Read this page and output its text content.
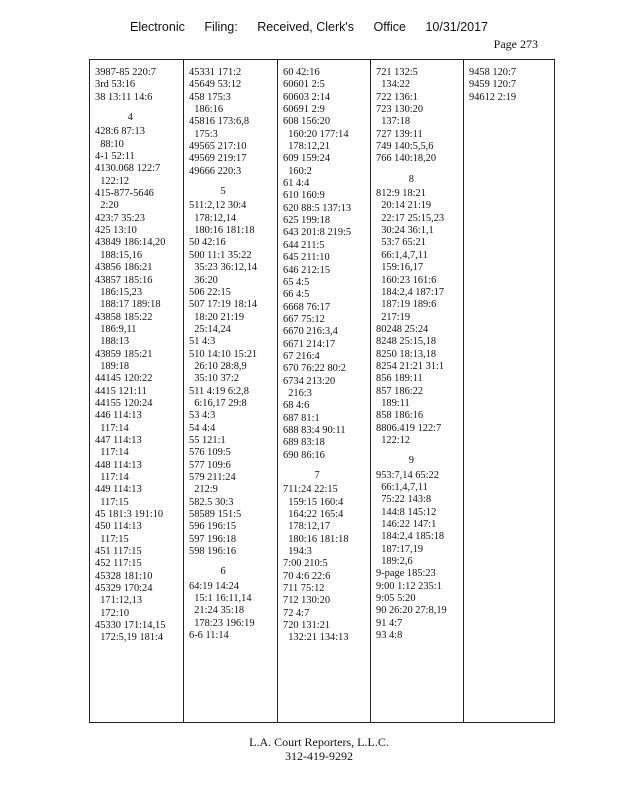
Electronic Filing: Received, Clerk's Office 10/31/2017
Page 273
3987-85 220:7
3rd 53:16
38 13:11 14:6
4
428:6 87:13
88:10
4-1 52:11
4130.068 122:7
122:12
415-877-5646
2:20
423:7 35:23
425 13:10
43849 186:14,20
188:15,16
43856 186:21
43857 185:16
186:15,23
188:17 189:18
43858 185:22
186:9,11
188:13
43859 185:21
189:18
44145 120:22
4415 121:11
44155 120:24
446 114:13
117:14
447 114:13
117:14
448 114:13
117:14
449 114:13
117:15
45 181:3 191:10
450 114:13
117:15
451 117:15
452 117:15
45328 181:10
45329 170:24
171:12,13
172:10
45330 171:14,15
172:5,19 181:4
45331 171:2
45649 53:12
458 175:3
186:16
45816 173:6,8
175:3
49565 217:10
49569 219:17
49666 220:3
5
511:2,12 30:4
178:12,14
180:16 181:18
50 42:16
500 11:1 35:22
35:23 36:12,14
36:20
506 22:15
507 17:19 18:14
18:20 21:19
25:14,24
51 4:3
510 14:10 15:21
26:10 28:8,9
35:10 37:2
511 4:19 6:2,8
6:16,17 29:8
53 4:3
54 4:4
55 121:1
576 109:5
577 109:6
579 211:24
212:9
582.5 30:3
58589 151:5
596 196:15
597 196:18
598 196:16
6
64:19 14:24
15:1 16:11,14
21:24 35:18
178:23 196:19
6-6 11:14
60 42:16
60601 2:5
60603 2:14
60691 2:9
608 156:20
160:20 177:14
178:12,21
609 159:24
160:2
61 4:4
610 160:9
620 88:5 137:13
625 199:18
643 201:8 219:5
644 211:5
645 211:10
646 212:15
65 4:5
66 4:5
6668 76:17
667 75:12
6670 216:3,4
6671 214:17
67 216:4
670 76:22 80:2
6734 213:20
216:3
68 4:6
687 81:1
688 83:4 90:11
689 83:18
690 86:16
7
711:24 22:15
159:15 160:4
164:22 165:4
178:12,17
180:16 181:18
194:3
7:00 210:5
70 4:6 22:6
711 75:12
712 130:20
72 4:7
720 131:21
132:21 134:13
721 132:5
134:22
722 136:1
723 130:20
137:18
727 139:11
749 140:5,5,6
766 140:18,20
8
812:9 18:21
20:14 21:19
22:17 25:15,23
30:24 36:1,1
53:7 65:21
66:1,4,7,11
159:16,17
160:23 161:6
184:2,4 187:17
187:19 189:6
217:19
80248 25:24
8248 25:15,18
8250 18:13,18
8254 21:21 31:1
856 189:11
857 186:22
189:11
858 186:16
8806.419 122:7
122:12
9
953:7,14 65:22
66:1,4,7,11
75:22 143:8
144:8 145:12
146:22 147:1
184:2,4 185:18
187:17,19
189:2,6
9-page 185:23
9:00 1:12 235:1
9:05 5:20
90 26:20 27:8,19
91 4:7
93 4:8
9458 120:7
9459 120:7
94612 2:19
L.A. Court Reporters, L.L.C.
312-419-9292
